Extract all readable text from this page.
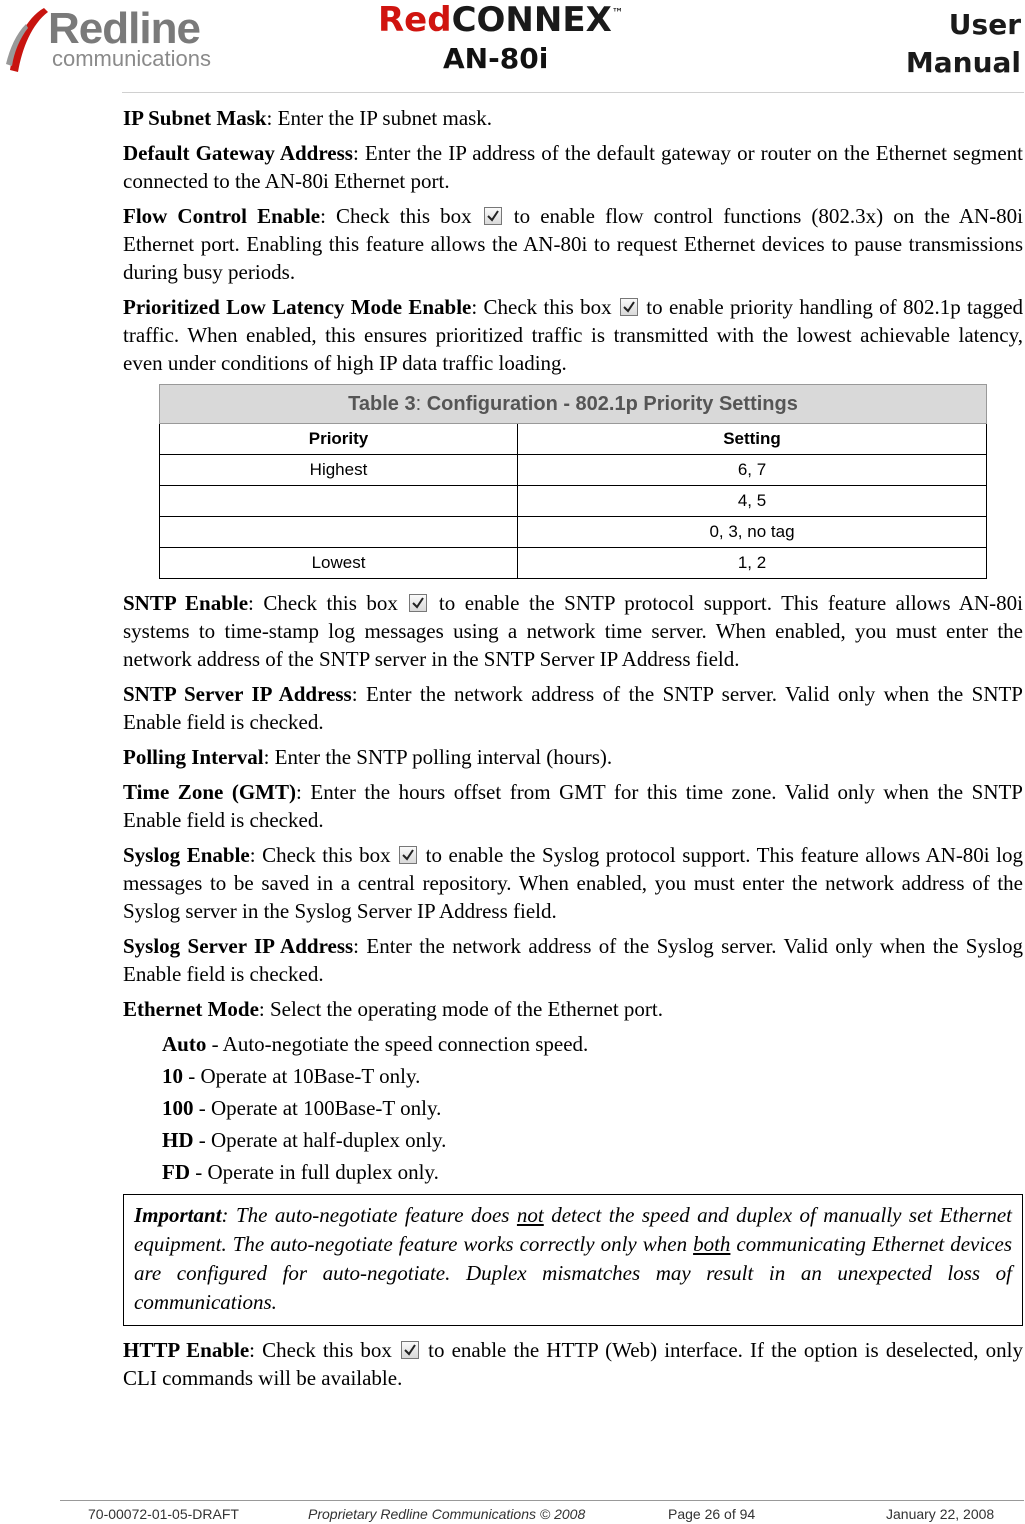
Redline
communications
RedCONNEX™
AN-80i
User
Manual

IP Subnet Mask: Enter the IP subnet mask.

Default Gateway Address: Enter the IP address of the default gateway or router on the Ethernet segment connected to the AN-80i Ethernet port.

Flow Control Enable: Check this box
to enable flow control functions (802.3x) on the AN-80i Ethernet port. Enabling this feature allows the AN-80i to request Ethernet devices to pause transmissions during busy periods.

Prioritized Low Latency Mode Enable: Check this box
to enable priority handling of 802.1p tagged traffic. When enabled, this ensures prioritized traffic is transmitted with the lowest achievable latency, even under conditions of high IP data traffic loading.

Table 3: Configuration - 802.1p Priority Settings	
Priority	Setting
Highest	6, 7
	4, 5
	0, 3, no tag
Lowest	1, 2

SNTP Enable: Check this box
to enable the SNTP protocol support. This feature allows AN-80i systems to time-stamp log messages using a network time server. When enabled, you must enter the network address of the SNTP server in the SNTP Server IP Address field.

SNTP Server IP Address: Enter the network address of the SNTP server. Valid only when the SNTP Enable field is checked.

Polling Interval: Enter the SNTP polling interval (hours).

Time Zone (GMT): Enter the hours offset from GMT for this time zone. Valid only when the SNTP Enable field is checked.

Syslog Enable: Check this box
to enable the Syslog protocol support. This feature allows AN-80i log messages to be saved in a central repository. When enabled, you must enter the network address of the Syslog server in the Syslog Server IP Address field.

Syslog Server IP Address: Enter the network address of the Syslog server. Valid only when the Syslog Enable field is checked.

Ethernet Mode: Select the operating mode of the Ethernet port.

Auto - Auto-negotiate the speed connection speed.

10 - Operate at 10Base-T only.

100 - Operate at 100Base-T only.

HD - Operate at half-duplex only.

FD - Operate in full duplex only.

Important: The auto-negotiate feature does not detect the speed and duplex of manually set Ethernet equipment. The auto-negotiate feature works correctly only when both communicating Ethernet devices are configured for auto-negotiate. Duplex mismatches may result in an unexpected loss of communications.

HTTP Enable: Check this box
to enable the HTTP (Web) interface. If the option is deselected, only CLI commands will be available.

70-00072-01-05-DRAFT	Proprietary Redline Communications © 2008	Page 26 of 94	January 22, 2008
